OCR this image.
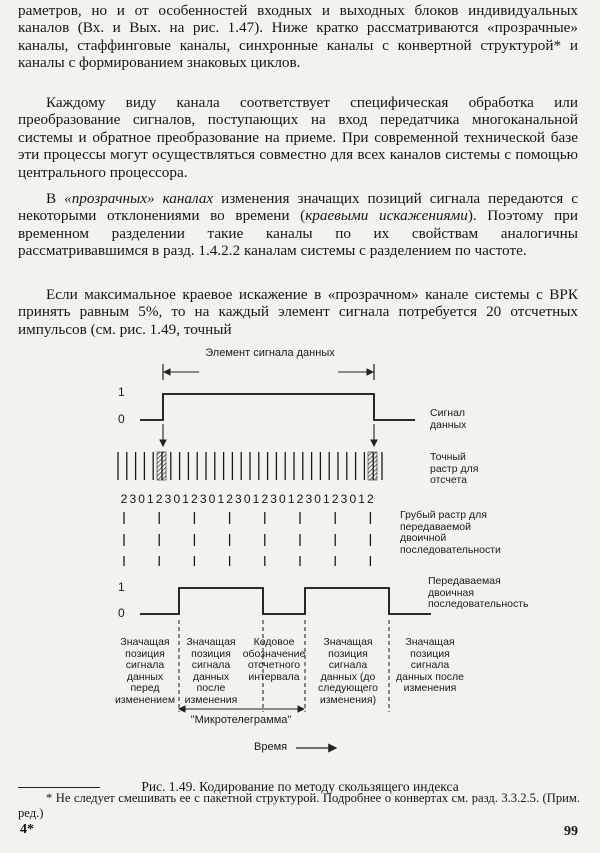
раметров, но и от особенностей входных и выходных блоков индивидуальных каналов (Вх. и Вых. на рис. 1.47). Ниже кратко рассматриваются «прозрачные» каналы, стаффинговые каналы, синхронные каналы с конвертной структурой* и каналы с формированием знаковых циклов.

Каждому виду канала соответствует специфическая обработка или преобразование сигналов, поступающих на вход передатчика многоканальной системы и обратное преобразование на приеме. При современной технической базе эти процессы могут осуществляться совместно для всех каналов системы с помощью центрального процессора.

В «прозрачных» каналах изменения значащих позиций сигнала передаются с некоторыми отклонениями во времени (краевыми искажениями). Поэтому при временном разделении такие каналы по их свойствам аналогичны рассматривавшимся в разд. 1.4.2.2 каналам системы с разделением по частоте.

Если максимальное краевое искажение в «прозрачном» канале системы с ВРК принять равным 5%, то на каждый элемент сигнала потребуется 20 отсчетных импульсов (см. рис. 1.49, точный

2 3 0 1 2 3 0 1 2 3 0 1 2 3 0 1 2 3 0 1 2 3 0 1 2 3 0 1 2

Элемент сигнала данных

1

0	Сигнал данных

Точный растр для отсчета

Грубый растр для передаваемой двоичной последовательности

1

0

Передаваемая двоичная последовательность

Значащая позиция сигнала данных перед изменением

Значащая позиция сигнала данных после изменения

Кодовое обозначение отсчетного интервала

Значащая позиция сигнала данных (до следующего изменения)

Значащая позиция сигнала данных после изменения

"Микротелеграмма"

Время

Рис. 1.49. Кодирование по методу скользящего индекса

* Не следует смешивать ее с пакетной структурой. Подробнее о конвертах см. разд. 3.3.2.5. (Прим. ред.)

4*	99
